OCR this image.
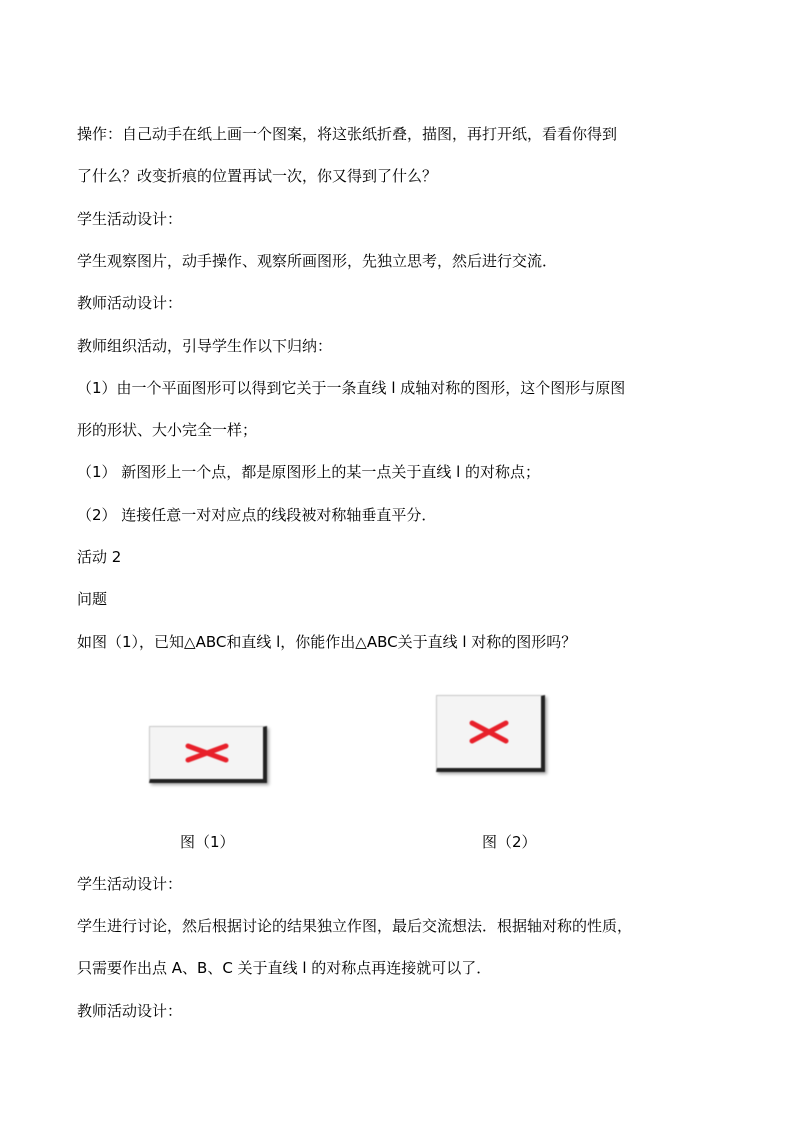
操作：自己动手在纸上画一个图案，将这张纸折叠，描图，再打开纸，看看你得到
了什么？改变折痕的位置再试一次，你又得到了什么？
学生活动设计：
学生观察图片，动手操作、观察所画图形，先独立思考，然后进行交流．
教师活动设计：
教师组织活动，引导学生作以下归纳：
（1）由一个平面图形可以得到它关于一条直线 l 成轴对称的图形，这个图形与原图
形的形状、大小完全一样；
（1） 新图形上一个点，都是原图形上的某一点关于直线 l 的对称点；
（2） 连接任意一对对应点的线段被对称轴垂直平分．
活动 2
问题
如图（1），已知△ABC和直线 l，你能作出△ABC关于直线 l 对称的图形吗？
图（1）	图（2）
学生活动设计：
学生进行讨论，然后根据讨论的结果独立作图，最后交流想法．根据轴对称的性质，
只需要作出点 A、B、C 关于直线 l 的对称点再连接就可以了．
教师活动设计：
